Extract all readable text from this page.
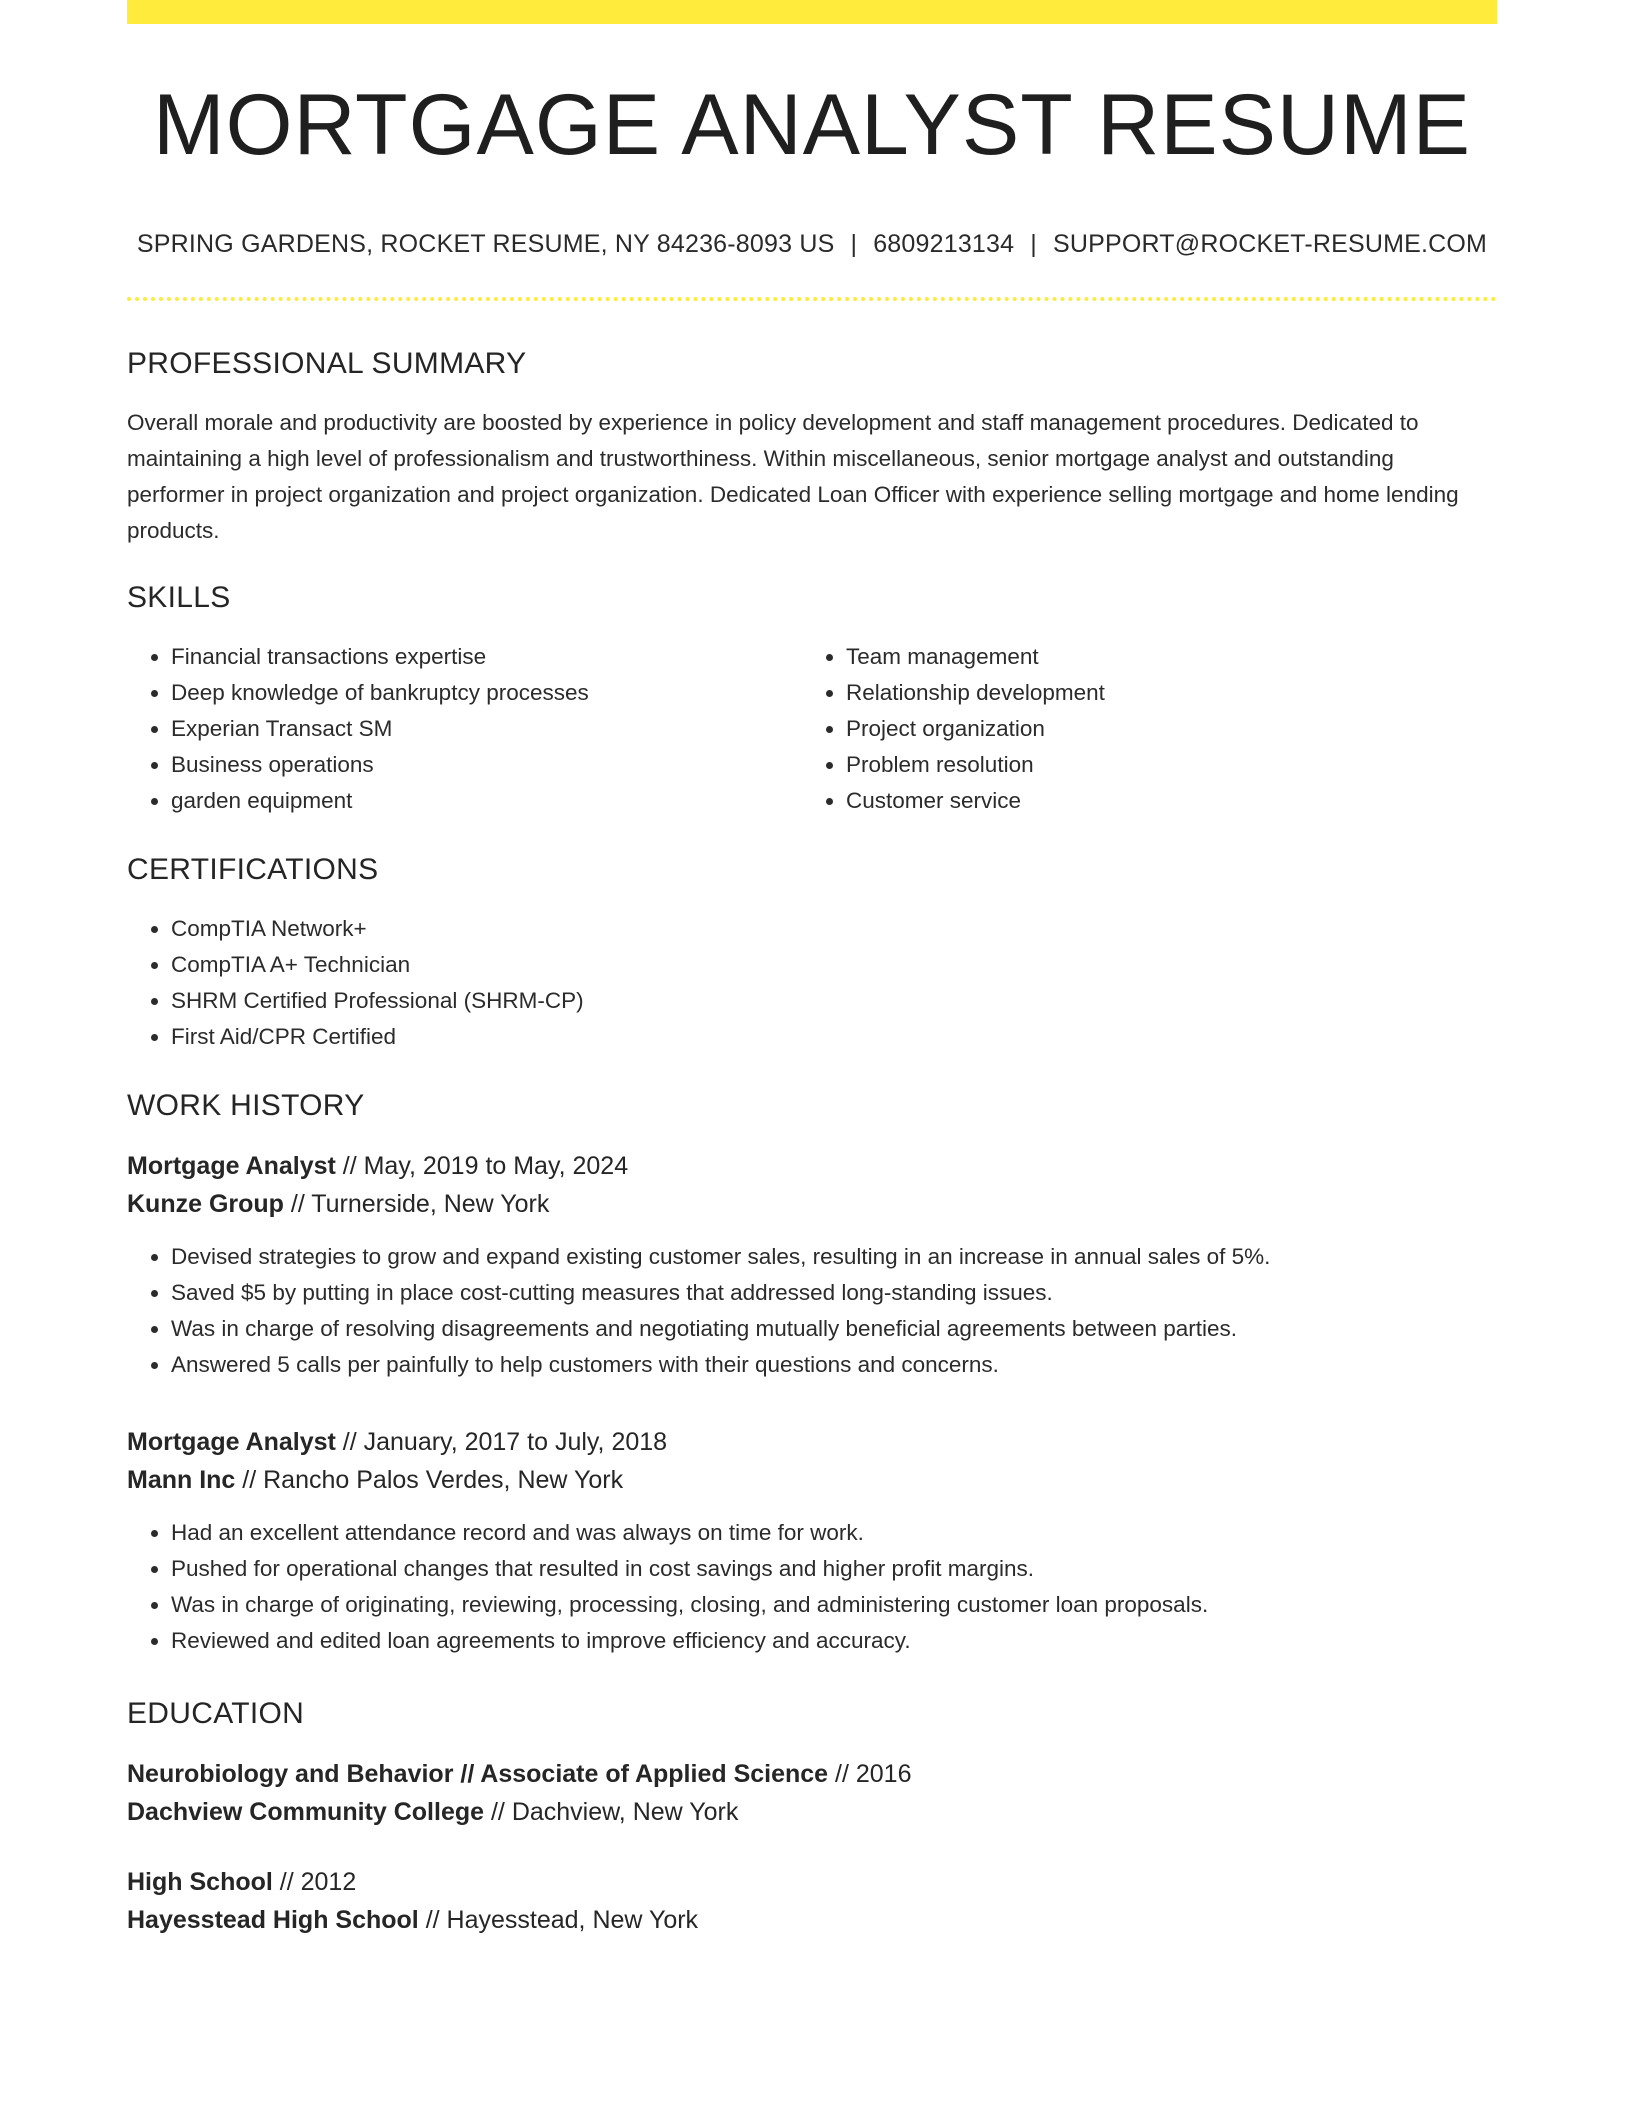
MORTGAGE ANALYST RESUME
SPRING GARDENS, ROCKET RESUME, NY 84236-8093 US | 6809213134 | SUPPORT@ROCKET-RESUME.COM
PROFESSIONAL SUMMARY

Overall morale and productivity are boosted by experience in policy development and staff management procedures. Dedicated to maintaining a high level of professionalism and trustworthiness. Within miscellaneous, senior mortgage analyst and outstanding performer in project organization and project organization. Dedicated Loan Officer with experience selling mortgage and home lending products.

SKILLS
• Financial transactions expertise
• Deep knowledge of bankruptcy processes
• Experian Transact SM
• Business operations
• garden equipment
• Team management
• Relationship development
• Project organization
• Problem resolution
• Customer service
CERTIFICATIONS
• CompTIA Network+
• CompTIA A+ Technician
• SHRM Certified Professional (SHRM-CP)
• First Aid/CPR Certified
WORK HISTORY
Mortgage Analyst // May, 2019 to May, 2024
Kunze Group // Turnerside, New York
• Devised strategies to grow and expand existing customer sales, resulting in an increase in annual sales of 5%.
• Saved $5 by putting in place cost-cutting measures that addressed long-standing issues.
• Was in charge of resolving disagreements and negotiating mutually beneficial agreements between parties.
• Answered 5 calls per painfully to help customers with their questions and concerns.
Mortgage Analyst // January, 2017 to July, 2018
Mann Inc // Rancho Palos Verdes, New York
• Had an excellent attendance record and was always on time for work.
• Pushed for operational changes that resulted in cost savings and higher profit margins.
• Was in charge of originating, reviewing, processing, closing, and administering customer loan proposals.
• Reviewed and edited loan agreements to improve efficiency and accuracy.
EDUCATION
Neurobiology and Behavior // Associate of Applied Science // 2016
Dachview Community College // Dachview, New York
High School // 2012
Hayesstead High School // Hayesstead, New York
